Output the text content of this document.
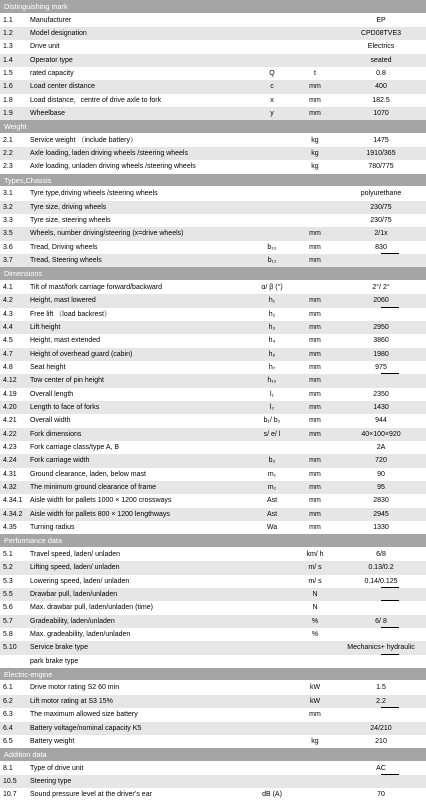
Distinguishing mark
1.1 Manufacturer	EP
1.2 Model designation	CPD08TVE3
1.3 Drive unit	Electrics
1.4 Operator type	seated
1.5 rated capacity	Q	t	0.8
1.6 Load center distance	c	mm	400
1.8 Load distance，centre of drive axle to fork	x	mm	182.5
1.9 Wheelbase	y	mm	1070
Weight
2.1 Service weight （include battery）	kg	1475
2.2 Axle loading, laden driving wheels /steering wheels	kg	1910/365
2.3 Axle loading, unladen driving wheels /steering wheels	kg	780/775
Types,Chassis
3.1 Tyre type,driving wheels /steering wheels	polyurethane
3.2 Tyre size, driving wheels	230/75
3.3 Tyre size, steering wheels	230/75
3.5 Wheels, number driving/steering (x=drive wheels)	mm	2/1x
3.6 Tread, Driving wheels	b₁₀	mm	830
3.7 Tread, Steering wheels	b₁₁	mm
Dimensions
4.1 Tilt of mast/fork carriage forward/backward	α/ β (°)	2°/ 2°
4.2 Height, mast lowered	h₁	mm	2060
4.3 Free lift （load backrest）	h₂	mm
4.4 Lift height	h₃	mm	2950
4.5 Height, mast extended	h₄	mm	3860
4.7 Height of overhead guard (cabin)	h₆	mm	1980
4.8 Seat height	h₇	mm	975
4.12 Tow center of pin height	h₁₀	mm
4.19 Overall length	l₁	mm	2350
4.20 Length to face of forks	l₂	mm	1430
4.21 Overall width	b₁/ b₂	mm	944
4.22 Fork dimensions	s/ e/ l	mm	40×100×920
4.23 Fork carriage class/type A, B	2A
4.24 Fork carriage width	b₃	mm	720
4.31 Ground clearance, laden, below mast	m₁	mm	90
4.32 The minimum ground clearance of frame	m₂	mm	95
4.34.1 Aisle width for pallets 1000 × 1200 crossways	Ast	mm	2830
4.34.2 Aisle width for pallets 800 × 1200 lengthways	Ast	mm	2945
4.35 Turning radius	Wa	mm	1330
Performance data
5.1 Travel speed, laden/ unladen	km/ h	6/8
5.2 Lifting speed, laden/ unladen	m/ s	0.13/0.2
5.3 Lowering speed, laden/ unladen	m/ s	0.14/0.125
5.5 Drawbar pull, laden/unladen	N
5.6 Max. drawbar pull, laden/unladen (time)	N
5.7 Gradeability, laden/unladen	%	6/ 8
5.8 Max. gradeability, laden/unladen	%
5.10 Service brake type	Mechanics+ hydraulic
park brake type
Electric-engine
6.1 Drive motor rating S2 60 min	kW	1.5
6.2 Lift motor rating at S3 15%	kW	2.2
6.3 The maximum allowed size battery	mm
6.4 Battery voltage/nominal capacity K5	24/210
6.5 Battery weight	kg	210
Addition data
8.1 Type of drive unit	AC
10.5 Steering type
10.7 Sound pressure level at the driver’s ear	dB (A)	70
